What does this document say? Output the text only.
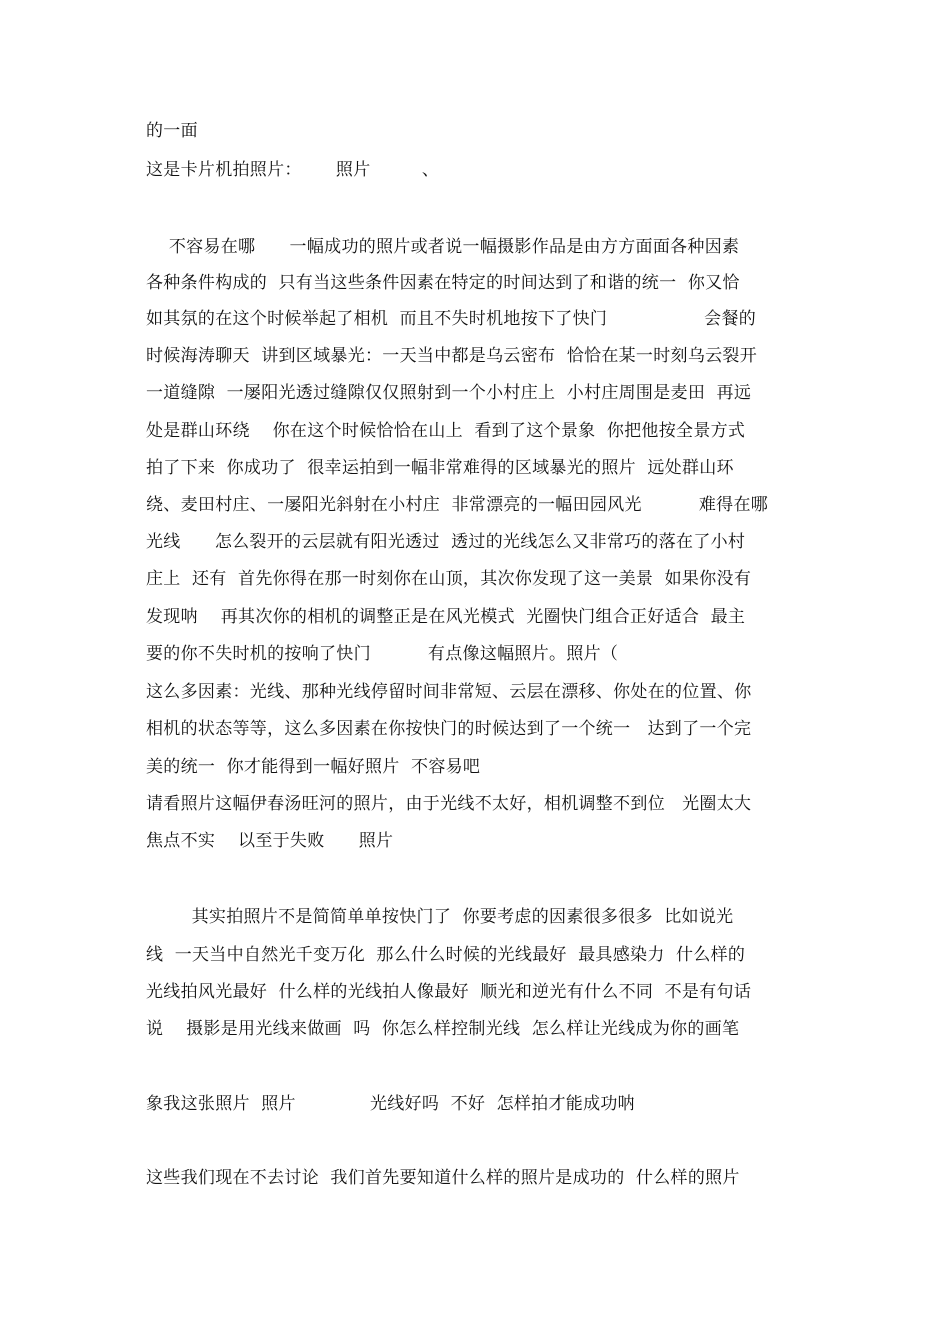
的一面
这是卡片机拍照片：      照片         、
不容易在哪      一幅成功的照片或者说一幅摄影作品是由方方面面各种因素
各种条件构成的  只有当这些条件因素在特定的时间达到了和谐的统一  你又恰
如其氛的在这个时候举起了相机  而且不失时机地按下了快门                 会餐的
时候海涛聊天  讲到区域暴光：一天当中都是乌云密布  恰恰在某一时刻乌云裂开
一道缝隙  一屡阳光透过缝隙仅仅照射到一个小村庄上  小村庄周围是麦田  再远
处是群山环绕    你在这个时候恰恰在山上  看到了这个景象  你把他按全景方式
拍了下来  你成功了  很幸运拍到一幅非常难得的区域暴光的照片  远处群山环
绕、麦田村庄、一屡阳光斜射在小村庄  非常漂亮的一幅田园风光          难得在哪
光线      怎么裂开的云层就有阳光透过  透过的光线怎么又非常巧的落在了小村
庄上  还有  首先你得在那一时刻你在山顶，其次你发现了这一美景  如果你没有
发现呐    再其次你的相机的调整正是在风光模式  光圈快门组合正好适合  最主
要的你不失时机的按响了快门          有点像这幅照片。照片（
这么多因素：光线、那种光线停留时间非常短、云层在漂移、你处在的位置、你
相机的状态等等，这么多因素在你按快门的时候达到了一个统一   达到了一个完
美的统一  你才能得到一幅好照片  不容易吧
请看照片这幅伊春汤旺河的照片，由于光线不太好，相机调整不到位   光圈太大
焦点不实    以至于失败      照片
其实拍照片不是简简单单按快门了  你要考虑的因素很多很多  比如说光
线  一天当中自然光千变万化  那么什么时候的光线最好  最具感染力  什么样的
光线拍风光最好  什么样的光线拍人像最好  顺光和逆光有什么不同  不是有句话
说    摄影是用光线来做画  吗  你怎么样控制光线  怎么样让光线成为你的画笔
象我这张照片  照片             光线好吗  不好  怎样拍才能成功呐
这些我们现在不去讨论  我们首先要知道什么样的照片是成功的  什么样的照片
